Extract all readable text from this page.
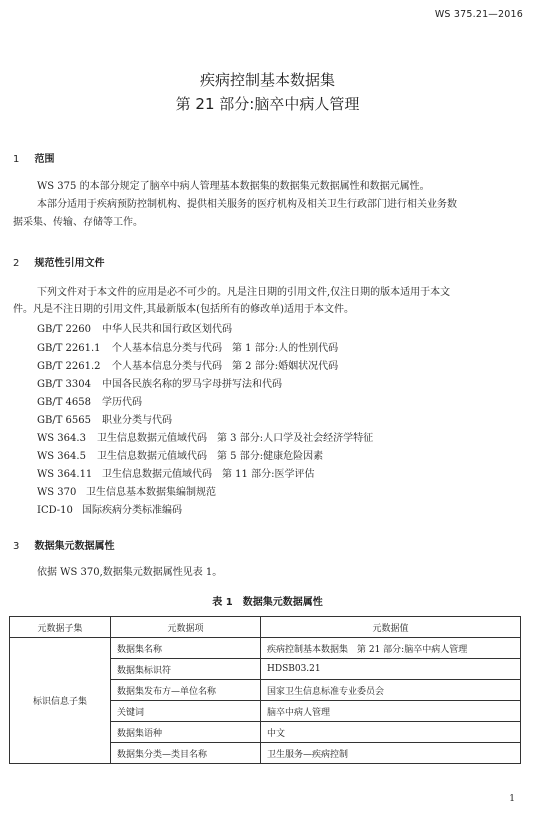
WS 375.21—2016
疾病控制基本数据集
第 21 部分:脑卒中病人管理
1 范围
WS 375 的本部分规定了脑卒中病人管理基本数据集的数据集元数据属性和数据元属性。
本部分适用于疾病预防控制机构、提供相关服务的医疗机构及相关卫生行政部门进行相关业务数
据采集、传输、存储等工作。
2 规范性引用文件
下列文件对于本文件的应用是必不可少的。凡是注日期的引用文件,仅注日期的版本适用于本文
件。凡是不注日期的引用文件,其最新版本(包括所有的修改单)适用于本文件。
GB/T 2260 中华人民共和国行政区划代码
GB/T 2261.1 个人基本信息分类与代码　第 1 部分:人的性别代码
GB/T 2261.2 个人基本信息分类与代码　第 2 部分:婚姻状况代码
GB/T 3304 中国各民族名称的罗马字母拼写法和代码
GB/T 4658 学历代码
GB/T 6565 职业分类与代码
WS 364.3 卫生信息数据元值域代码　第 3 部分:人口学及社会经济学特征
WS 364.5 卫生信息数据元值域代码　第 5 部分:健康危险因素
WS 364.11 卫生信息数据元值域代码　第 11 部分:医学评估
WS 370 卫生信息基本数据集编制规范
ICD-10 国际疾病分类标准编码
3 数据集元数据属性
依据 WS 370,数据集元数据属性见表 1。
表 1　数据集元数据属性
元数据子集	元数据项	元数据值
标识信息子集	数据集名称	疾病控制基本数据集　第 21 部分:脑卒中病人管理
	数据集标识符	HDSB03.21
	数据集发布方—单位名称	国家卫生信息标准专业委员会
	关键词	脑卒中病人管理
	数据集语种	中文
	数据集分类—类目名称	卫生服务—疾病控制
1
